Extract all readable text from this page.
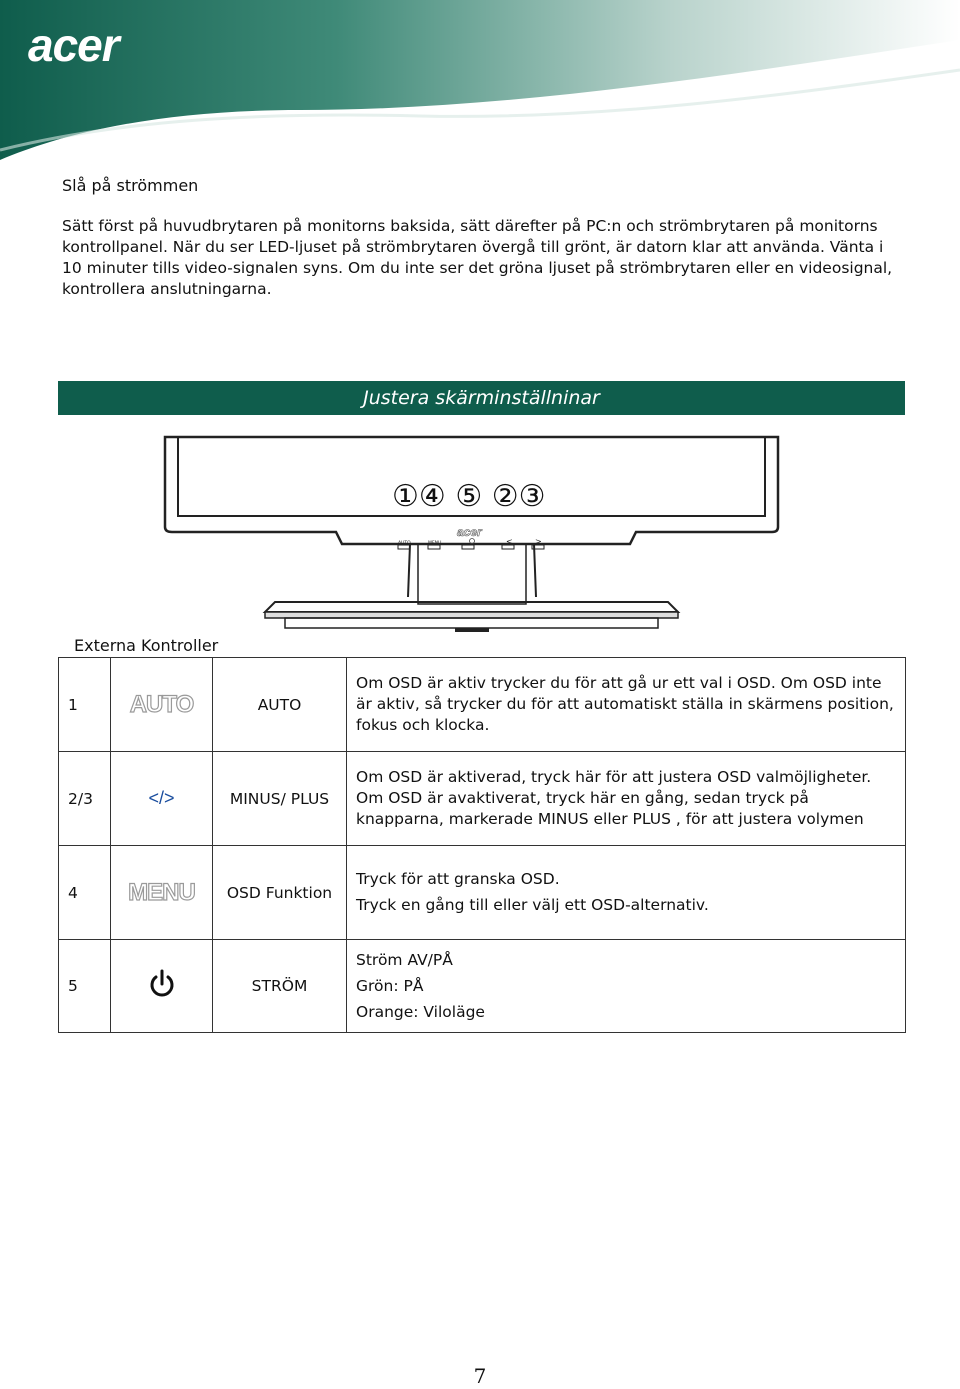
acer
Slå på strömmen

Sätt först på huvudbrytaren på monitorns baksida, sätt därefter på PC:n och strömbrytaren på monitorns kontrollpanel. När du ser LED-ljuset på strömbrytaren övergå till grönt, är datorn klar att använda. Vänta i 10 minuter tills video-signalen syns. Om du inte ser det gröna ljuset på strömbrytaren eller en videosignal, kontrollera anslutningarna.

Justera skärminställninar
①④ ⑤ ②③
acer
AUTO	MENU	<	>
Externa Kontroller
1	AUTO	AUTO	Om OSD är aktiv trycker du för att gå ur ett val i OSD. Om OSD inte är aktiv, så trycker du för att automatiskt ställa in skärmens position, fokus och klocka.
2/3	</>	MINUS/ PLUS	Om OSD är aktiverad, tryck här för att justera OSD valmöjligheter. Om OSD är avaktiverat, tryck här en gång, sedan tryck på knapparna, markerade MINUS eller PLUS , för att justera volymen
4	MENU	OSD Funktion	Tryck för att granska OSD.
Tryck en gång till eller välj ett OSD-alternativ.

5		STRÖM	Ström AV/PÅ
Grön: PÅ
Orange: Viloläge
7
